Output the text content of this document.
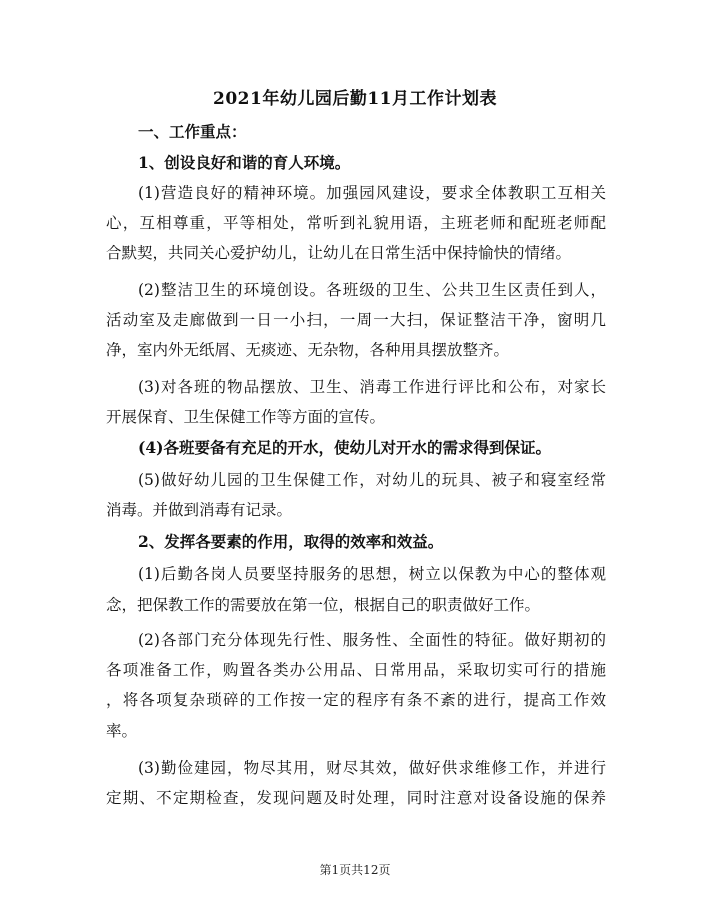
2021年幼儿园后勤11月工作计划表
一、工作重点：
1、创设良好和谐的育人环境。
(1)营造良好的精神环境。加强园风建设，要求全体教职工互相关
心，互相尊重，平等相处，常听到礼貌用语，主班老师和配班老师配
合默契，共同关心爱护幼儿，让幼儿在日常生活中保持愉快的情绪。
(2)整洁卫生的环境创设。各班级的卫生、公共卫生区责任到人，
活动室及走廊做到一日一小扫，一周一大扫，保证整洁干净，窗明几
净，室内外无纸屑、无痰迹、无杂物，各种用具摆放整齐。
(3)对各班的物品摆放、卫生、消毒工作进行评比和公布，对家长
开展保育、卫生保健工作等方面的宣传。
(4)各班要备有充足的开水，使幼儿对开水的需求得到保证。
(5)做好幼儿园的卫生保健工作，对幼儿的玩具、被子和寝室经常
消毒。并做到消毒有记录。
2、发挥各要素的作用，取得的效率和效益。
(1)后勤各岗人员要坚持服务的思想，树立以保教为中心的整体观
念，把保教工作的需要放在第一位，根据自己的职责做好工作。
(2)各部门充分体现先行性、服务性、全面性的特征。做好期初的
各项准备工作，购置各类办公用品、日常用品，采取切实可行的措施
，将各项复杂琐碎的工作按一定的程序有条不紊的进行，提高工作效
率。
(3)勤俭建园，物尽其用，财尽其效，做好供求维修工作，并进行
定期、不定期检查，发现问题及时处理，同时注意对设备设施的保养
第1页共12页
